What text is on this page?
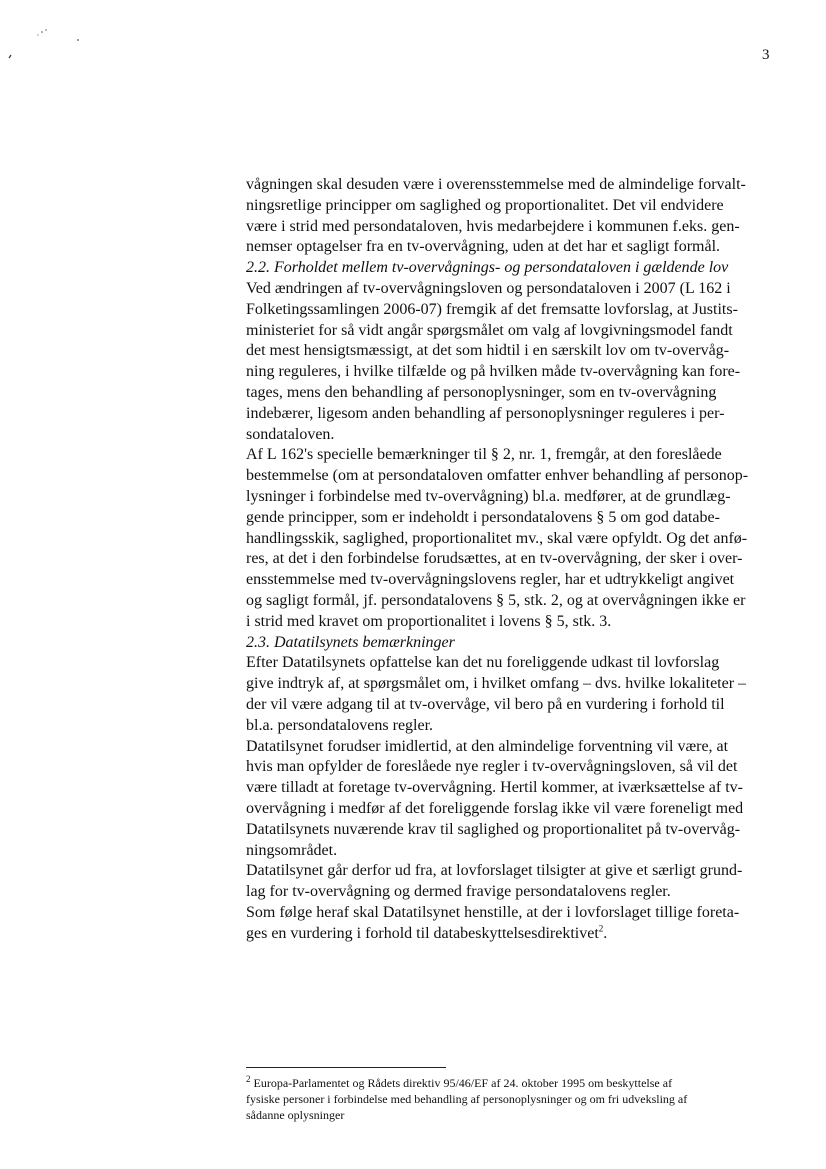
3

vågningen skal desuden være i overensstemmelse med de almindelige forvalt-
ningsretlige principper om saglighed og proportionalitet. Det vil endvidere
være i strid med persondataloven, hvis medarbejdere i kommunen f.eks. gen-
nemser optagelser fra en tv-overvågning, uden at det har et sagligt formål.

2.2. Forholdet mellem tv-overvågnings- og persondataloven i gældende lov

Ved ændringen af tv-overvågningsloven og persondataloven i 2007 (L 162 i
Folketingssamlingen 2006-07) fremgik af det fremsatte lovforslag, at Justits-
ministeriet for så vidt angår spørgsmålet om valg af lovgivningsmodel fandt
det mest hensigtsmæssigt, at det som hidtil i en særskilt lov om tv-overvåg-
ning reguleres, i hvilke tilfælde og på hvilken måde tv-overvågning kan fore-
tages, mens den behandling af personoplysninger, som en tv-overvågning
indebærer, ligesom anden behandling af personoplysninger reguleres i per-
sondataloven.

Af L 162's specielle bemærkninger til § 2, nr. 1, fremgår, at den foreslåede
bestemmelse (om at persondataloven omfatter enhver behandling af personop-
lysninger i forbindelse med tv-overvågning) bl.a. medfører, at de grundlæg-
gende principper, som er indeholdt i persondatalovens § 5 om god databe-
handlingsskik, saglighed, proportionalitet mv., skal være opfyldt. Og det anfø-
res, at det i den forbindelse forudsættes, at en tv-overvågning, der sker i over-
ensstemmelse med tv-overvågningslovens regler, har et udtrykkeligt angivet
og sagligt formål, jf. persondatalovens § 5, stk. 2, og at overvågningen ikke er
i strid med kravet om proportionalitet i lovens § 5, stk. 3.

2.3. Datatilsynets bemærkninger

Efter Datatilsynets opfattelse kan det nu foreliggende udkast til lovforslag
give indtryk af, at spørgsmålet om, i hvilket omfang – dvs. hvilke lokaliteter –
der vil være adgang til at tv-overvåge, vil bero på en vurdering i forhold til
bl.a. persondatalovens regler.

Datatilsynet forudser imidlertid, at den almindelige forventning vil være, at
hvis man opfylder de foreslåede nye regler i tv-overvågningsloven, så vil det
være tilladt at foretage tv-overvågning. Hertil kommer, at iværksættelse af tv-
overvågning i medfør af det foreliggende forslag ikke vil være foreneligt med
Datatilsynets nuværende krav til saglighed og proportionalitet på tv-overvåg-
ningsområdet.

Datatilsynet går derfor ud fra, at lovforslaget tilsigter at give et særligt grund-
lag for tv-overvågning og dermed fravige persondatalovens regler.

Som følge heraf skal Datatilsynet henstille, at der i lovforslaget tillige foreta-
ges en vurdering i forhold til databeskyttelsesdirektivet$^2$.

$^2$ Europa-Parlamentet og Rådets direktiv 95/46/EF af 24. oktober 1995 om beskyttelse af
fysiske personer i forbindelse med behandling af personoplysninger og om fri udveksling af
sådanne oplysninger
